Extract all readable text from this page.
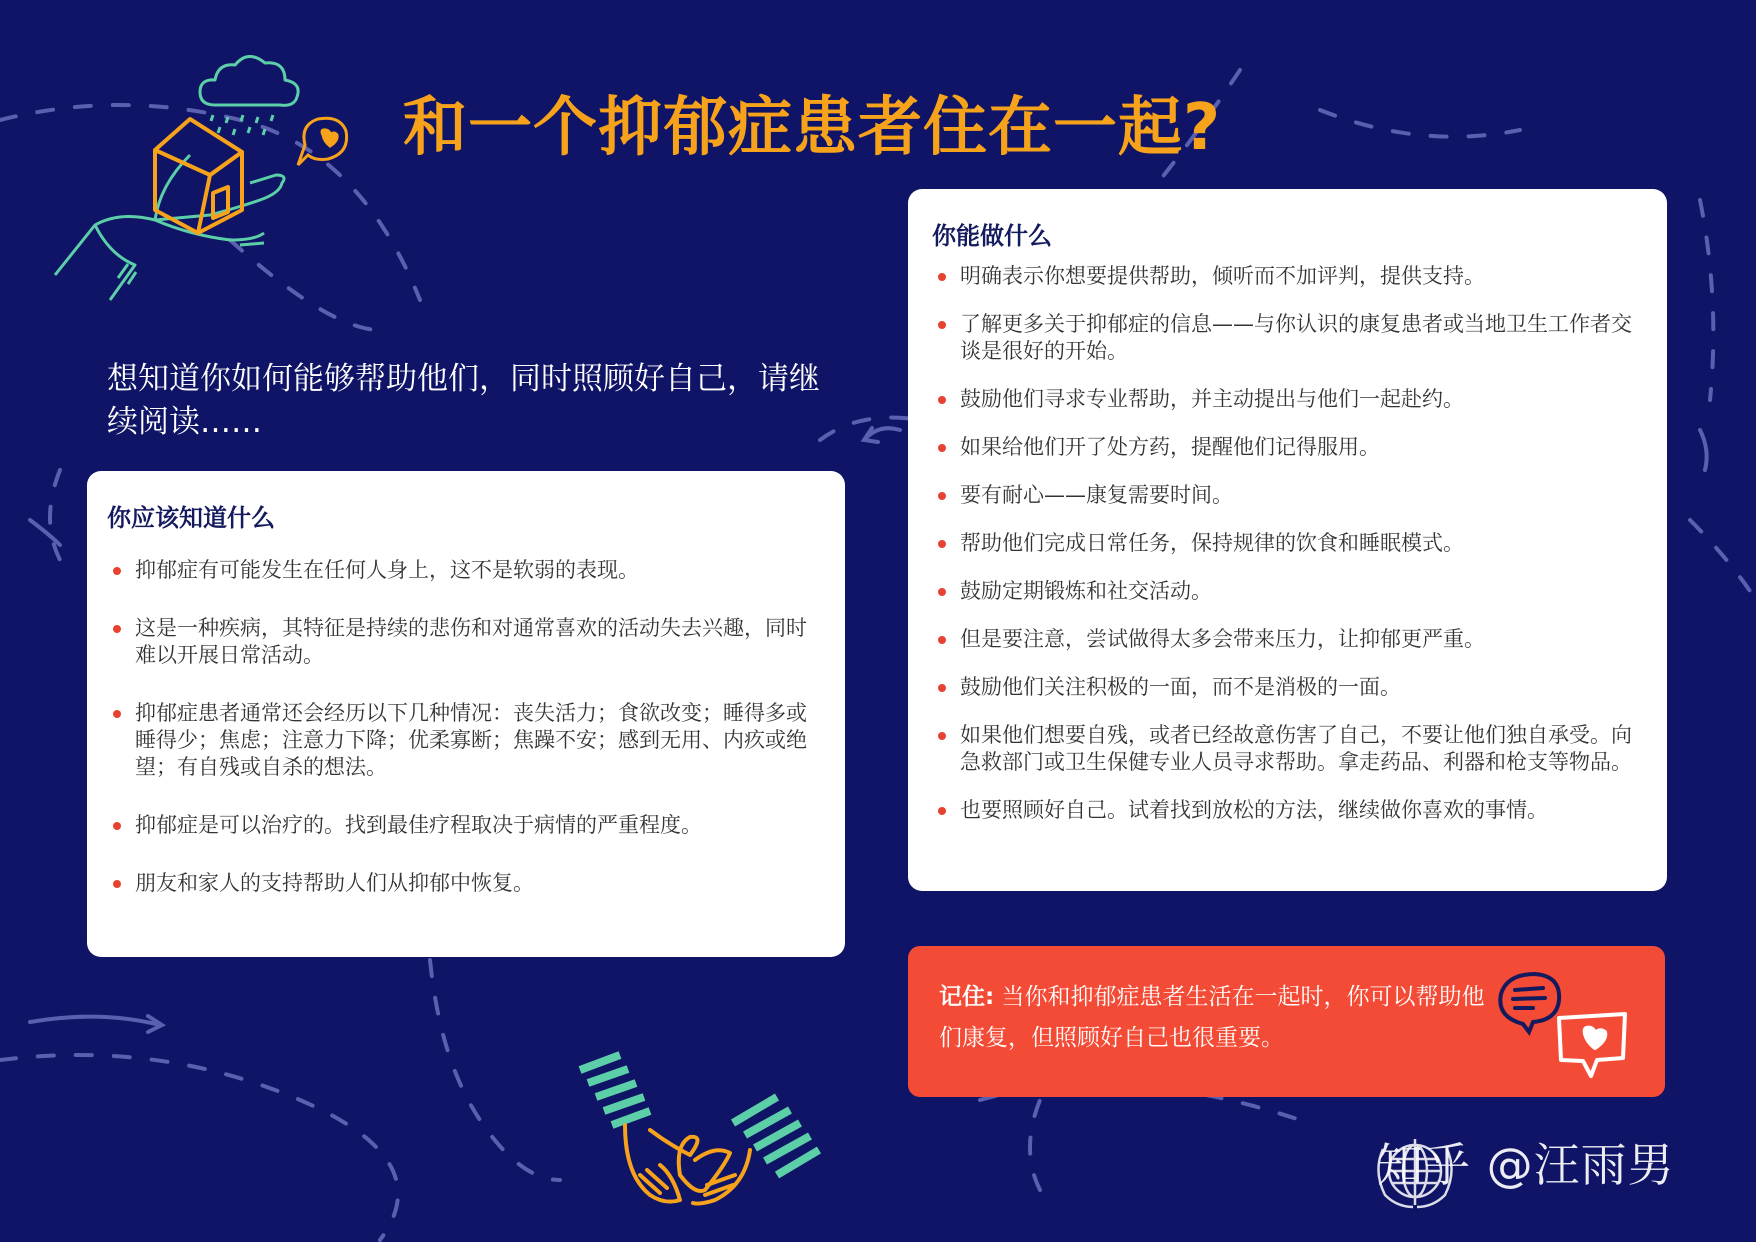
和一个抑郁症患者住在一起?

想知道你如何能够帮助他们，同时照顾好自己，请继续阅读……

你应该知道什么
抑郁症有可能发生在任何人身上，这不是软弱的表现。
这是一种疾病，其特征是持续的悲伤和对通常喜欢的活动失去兴趣，同时难以开展日常活动。
抑郁症患者通常还会经历以下几种情况：丧失活力；食欲改变；睡得多或睡得少；焦虑；注意力下降；优柔寡断；焦躁不安；感到无用、内疚或绝望；有自残或自杀的想法。
抑郁症是可以治疗的。找到最佳疗程取决于病情的严重程度。
朋友和家人的支持帮助人们从抑郁中恢复。
你能做什么
明确表示你想要提供帮助，倾听而不加评判，提供支持。
了解更多关于抑郁症的信息——与你认识的康复患者或当地卫生工作者交谈是很好的开始。
鼓励他们寻求专业帮助，并主动提出与他们一起赴约。
如果给他们开了处方药，提醒他们记得服用。
要有耐心——康复需要时间。
帮助他们完成日常任务，保持规律的饮食和睡眠模式。
鼓励定期锻炼和社交活动。
但是要注意，尝试做得太多会带来压力，让抑郁更严重。
鼓励他们关注积极的一面，而不是消极的一面。
如果他们想要自残，或者已经故意伤害了自己，不要让他们独自承受。向急救部门或卫生保健专业人员寻求帮助。拿走药品、利器和枪支等物品。
也要照顾好自己。试着找到放松的方法，继续做你喜欢的事情。

记住: 当你和抑郁症患者生活在一起时，你可以帮助他们康复，但照顾好自己也很重要。

知乎 @汪雨男
